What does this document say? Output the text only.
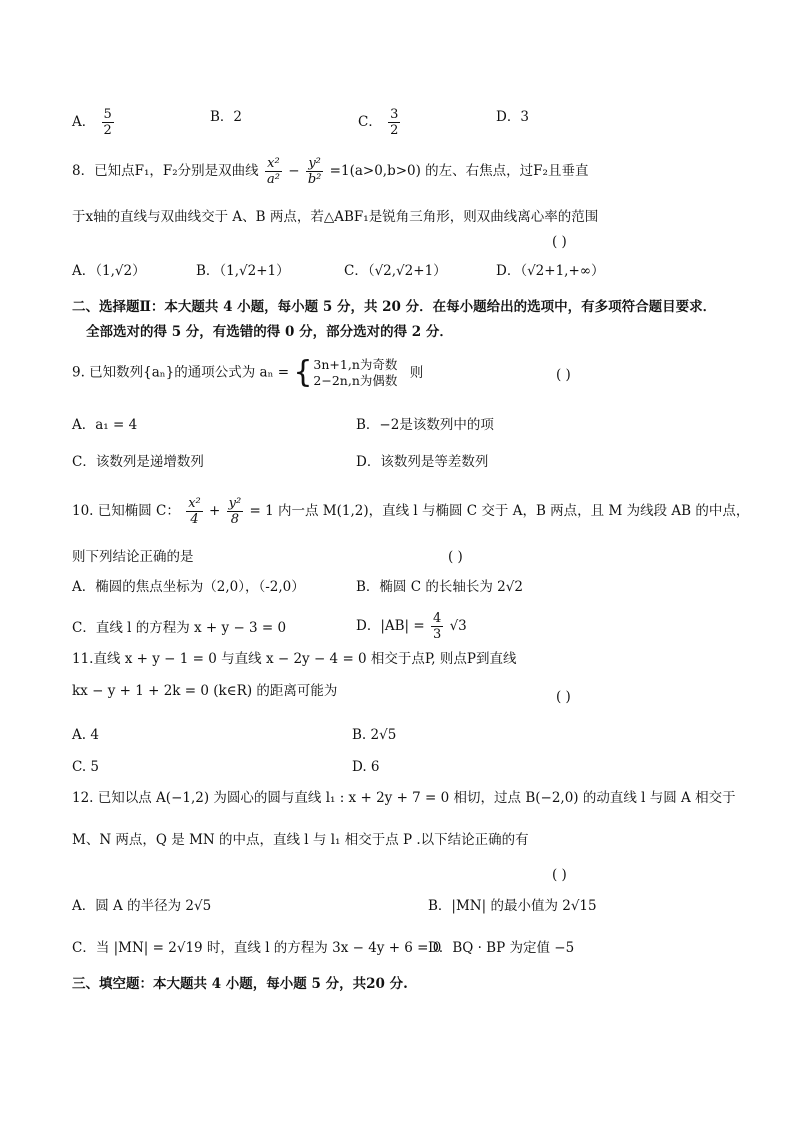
A． $\frac{5}{2}$	B．2	C． $\frac{3}{2}$	D．3
8．已知点F₁，F₂分别是双曲线 $\frac{\text{x²}}{\text{a²}} - \frac{\text{y²}}{\text{b²}} =1(a>0,b>0)$ 的左、右焦点，过F₂且垂直
于x轴的直线与双曲线交于 A、B 两点，若△ABF₁是锐角三角形，则双曲线离心率的范围
( )
A．（1,√2）	B．（1,√2+1）	C．（√2,√2+1）	D．（√2+1,+∞）
二、选择题Ⅱ：本大题共 4 小题，每小题 5 分，共 20 分．在每小题给出的选项中，有多项符合题目要求．
全部选对的得 5 分，有选错的得 0 分，部分选对的得 2 分．
9. 已知数列{aₙ}的通项公式为 aₙ = { 3n+1,n为奇数
2−2n,n为偶数 则	( )
A．a₁ = 4	B．−2是该数列中的项
C．该数列是递增数列	D．该数列是等差数列
10. 已知椭圆 C： $\frac{\text{x²}}{4} + \frac{\text{y²}}{8} = 1$ 内一点 M(1,2)，直线 l 与椭圆 C 交于 A，B 两点，且 M 为线段 AB 的中点，
则下列结论正确的是	( )
A．椭圆的焦点坐标为（2,0），（-2,0）	B．椭圆 C 的长轴长为 2√2
C．直线 l 的方程为 x + y − 3 = 0	D．$|AB| = \frac{4}{3} √3$
11.直线 x + y − 1 = 0 与直线 x − 2y − 4 = 0 相交于点P, 则点P到直线
kx − y + 1 + 2k = 0 (k∈R) 的距离可能为	( )
A. 4	B. 2√5
C. 5	D. 6
12. 已知以点 A(−1,2) 为圆心的圆与直线 l₁ : x + 2y + 7 = 0 相切，过点 B(−2,0) 的动直线 l 与圆 A 相交于
M、N 两点，Q 是 MN 的中点，直线 l 与 l₁ 相交于点 P .以下结论正确的有
( )
A．圆 A 的半径为 2√5	B．|MN| 的最小值为 2√15
C．当 |MN| = 2√19 时，直线 l 的方程为 3x − 4y + 6 = 0
D．BQ · BP 为定值 −5
三、填空题：本大题共 4 小题，每小题 5 分，共20 分.
